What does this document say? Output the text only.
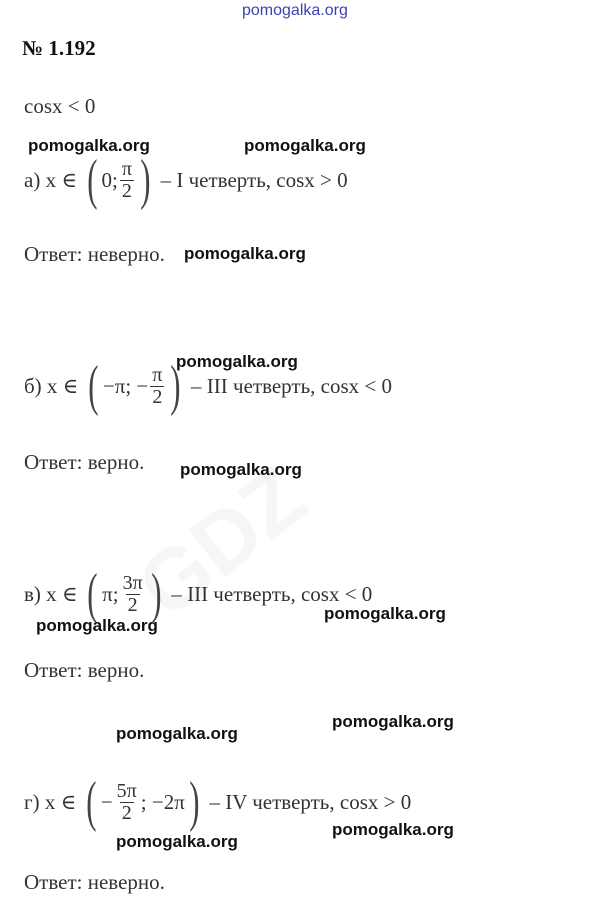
pomogalka.org
pomogalka.org	pomogalka.org
pomogalka.org
pomogalka.org
pomogalka.org
pomogalka.org
pomogalka.org
pomogalka.org
pomogalka.org
pomogalka.org
pomogalka.org
№ 1.192
cosx < 0
а) x ∈ ( 0; $\frac{\pi}{2}$ ) – I четверть, cosx > 0
Ответ: неверно.
б) x ∈ ( −π; − $\frac{\pi}{2}$ ) – III четверть, cosx < 0
Ответ: верно.
в) x ∈ ( π; $\frac{3\pi}{2}$ ) – III четверть, cosx < 0
Ответ: верно.
г) x ∈ ( − $\frac{5\pi}{2}$ ; −2π ) – IV четверть, cosx > 0
Ответ: неверно.
